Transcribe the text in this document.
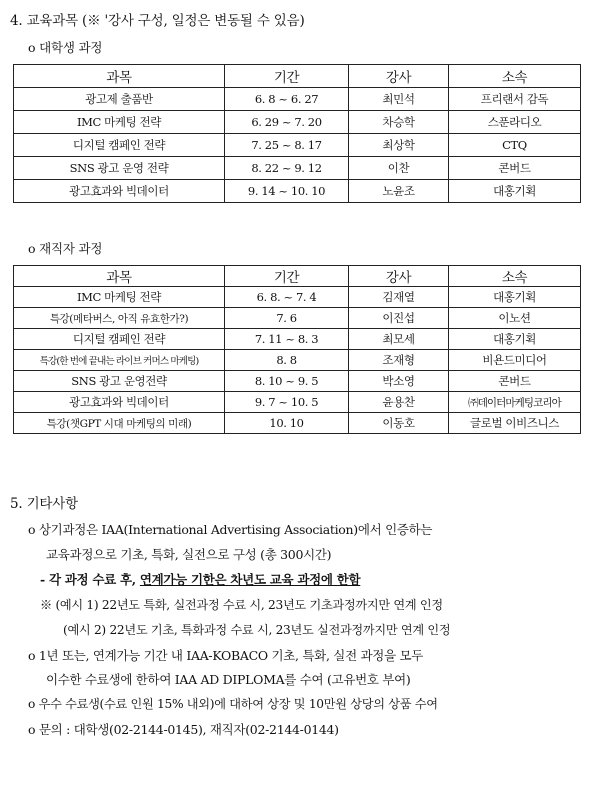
4. 교육과목 (※ '강사 구성, 일정은 변동될 수 있음)
o 대학생 과정
과목	기간	강사	소속
광고제 출품반	6. 8 ~ 6. 27	최민석	프리랜서 감독
IMC 마케팅 전략	6. 29 ~ 7. 20	차승학	스푼라디오
디지털 캠페인 전략	7. 25 ~ 8. 17	최상학	CTQ
SNS 광고 운영 전략	8. 22 ~ 9. 12	이찬	콘버드
광고효과와 빅데이터	9. 14 ~ 10. 10	노윤조	대홍기획
o 재직자 과정
과목	기간	강사	소속
IMC 마케팅 전략	6. 8. ~ 7. 4	김재열	대홍기획
특강(메타버스, 아직 유효한가?)	7. 6	이진섭	이노션
디지털 캠페인 전략	7. 11 ~ 8. 3	최모세	대홍기획
특강(한 번에 끝내는 라이브 커머스 마케팅)	8. 8	조재형	비욘드미디어
SNS 광고 운영전략	8. 10 ~ 9. 5	박소영	콘버드
광고효과와 빅데이터	9. 7 ~ 10. 5	윤용찬	㈜데이터마케팅코리아
특강(챗GPT 시대 마케팅의 미래)	10. 10	이동호	글로벌 이비즈니스
5. 기타사항
o 상기과정은 IAA(International Advertising Association)에서 인증하는
교육과정으로 기초, 특화, 실전으로 구성 (총 300시간)
- 각 과정 수료 후, 연계가능 기한은 차년도 교육 과정에 한함
※ (예시 1) 22년도 특화, 실전과정 수료 시, 23년도 기초과정까지만 연계 인정
(예시 2) 22년도 기초, 특화과정 수료 시, 23년도 실전과정까지만 연계 인정
o 1년 또는, 연계가능 기간 내 IAA-KOBACO 기초, 특화, 실전 과정을 모두
이수한 수료생에 한하여 IAA AD DIPLOMA를 수여 (고유번호 부여)
o 우수 수료생(수료 인원 15% 내외)에 대하여 상장 및 10만원 상당의 상품 수여
o 문의 : 대학생(02-2144-0145), 재직자(02-2144-0144)
